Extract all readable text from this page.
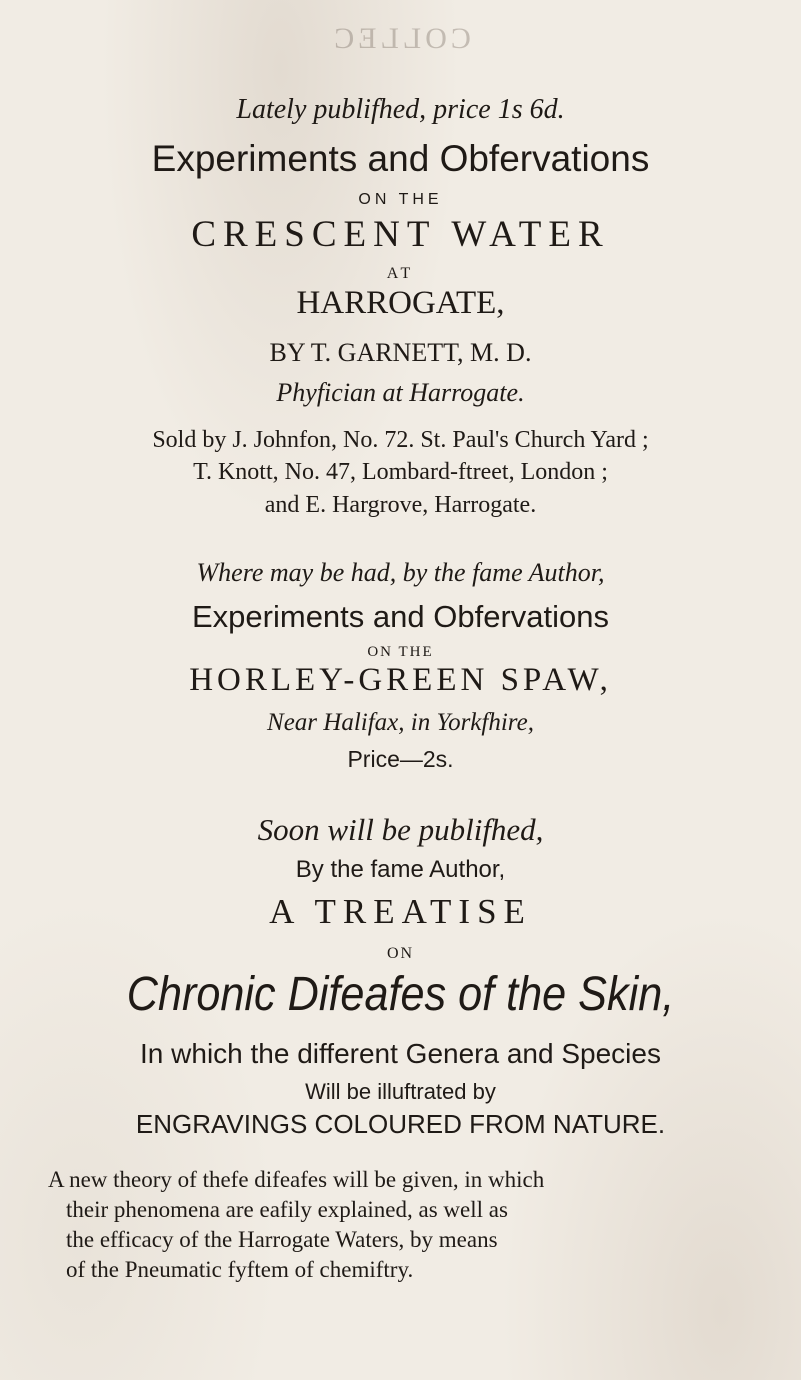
COLLEC
Lately publifhed, price 1s 6d.
Experiments and Obfervations
ON THE
CRESCENT WATER
AT
HARROGATE,
BY T. GARNETT, M. D.
Phyfician at Harrogate.
Sold by J. Johnfon, No. 72. St. Paul's Church Yard ;
T. Knott, No. 47, Lombard-ftreet, London ;
and E. Hargrove, Harrogate.
Where may be had, by the fame Author,
Experiments and Obfervations
ON THE
HORLEY-GREEN SPAW,
Near Halifax, in Yorkfhire,
Price—2s.
Soon will be publifhed,
By the fame Author,
A TREATISE
ON
Chronic Difeafes of the Skin,
In which the different Genera and Species
Will be illuftrated by
ENGRAVINGS COLOURED FROM NATURE.
A new theory of thefe difeafes will be given, in which
their phenomena are eafily explained, as well as
the efficacy of the Harrogate Waters, by means
of the Pneumatic fyftem of chemiftry.
